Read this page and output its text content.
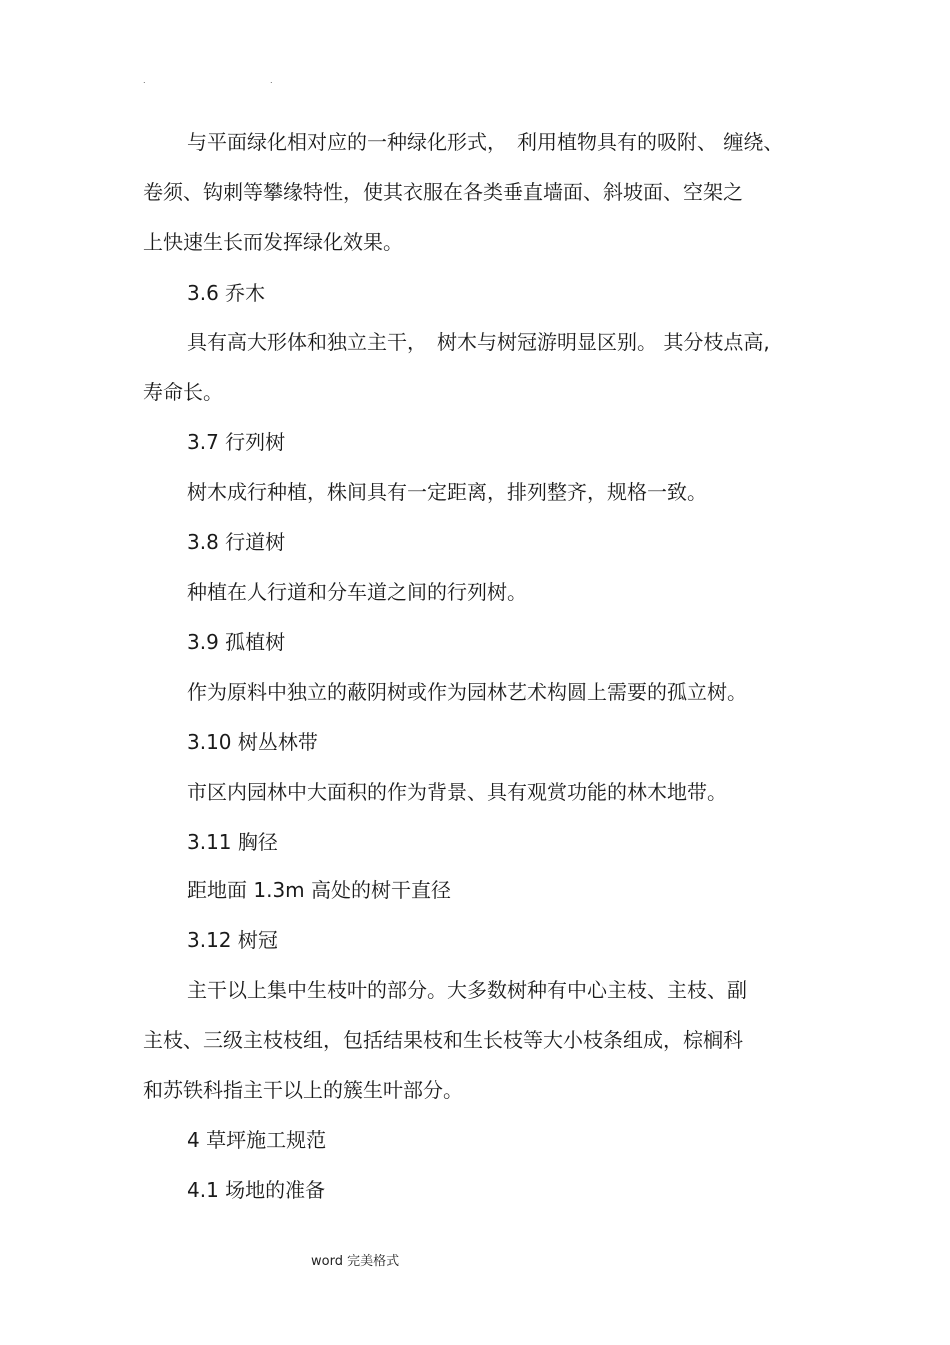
.	.
与平面绿化相对应的一种绿化形式，　利用植物具有的吸附、 缠绕、
卷须、钩刺等攀缘特性，使其衣服在各类垂直墙面、斜坡面、空架之
上快速生长而发挥绿化效果。
3.6 乔木
具有高大形体和独立主干，　树木与树冠游明显区别。 其分枝点高,
寿命长。
3.7 行列树
树木成行种植，株间具有一定距离，排列整齐，规格一致。
3.8 行道树
种植在人行道和分车道之间的行列树。
3.9 孤植树
作为原料中独立的蔽阴树或作为园林艺术构圆上需要的孤立树。
3.10 树丛林带
市区内园林中大面积的作为背景、具有观赏功能的林木地带。
3.11 胸径
距地面 1.3m 高处的树干直径
3.12 树冠
主干以上集中生枝叶的部分。大多数树种有中心主枝、主枝、副
主枝、三级主枝枝组，包括结果枝和生长枝等大小枝条组成，棕榈科
和苏铁科指主干以上的簇生叶部分。
4 草坪施工规范
4.1 场地的准备
word 完美格式
